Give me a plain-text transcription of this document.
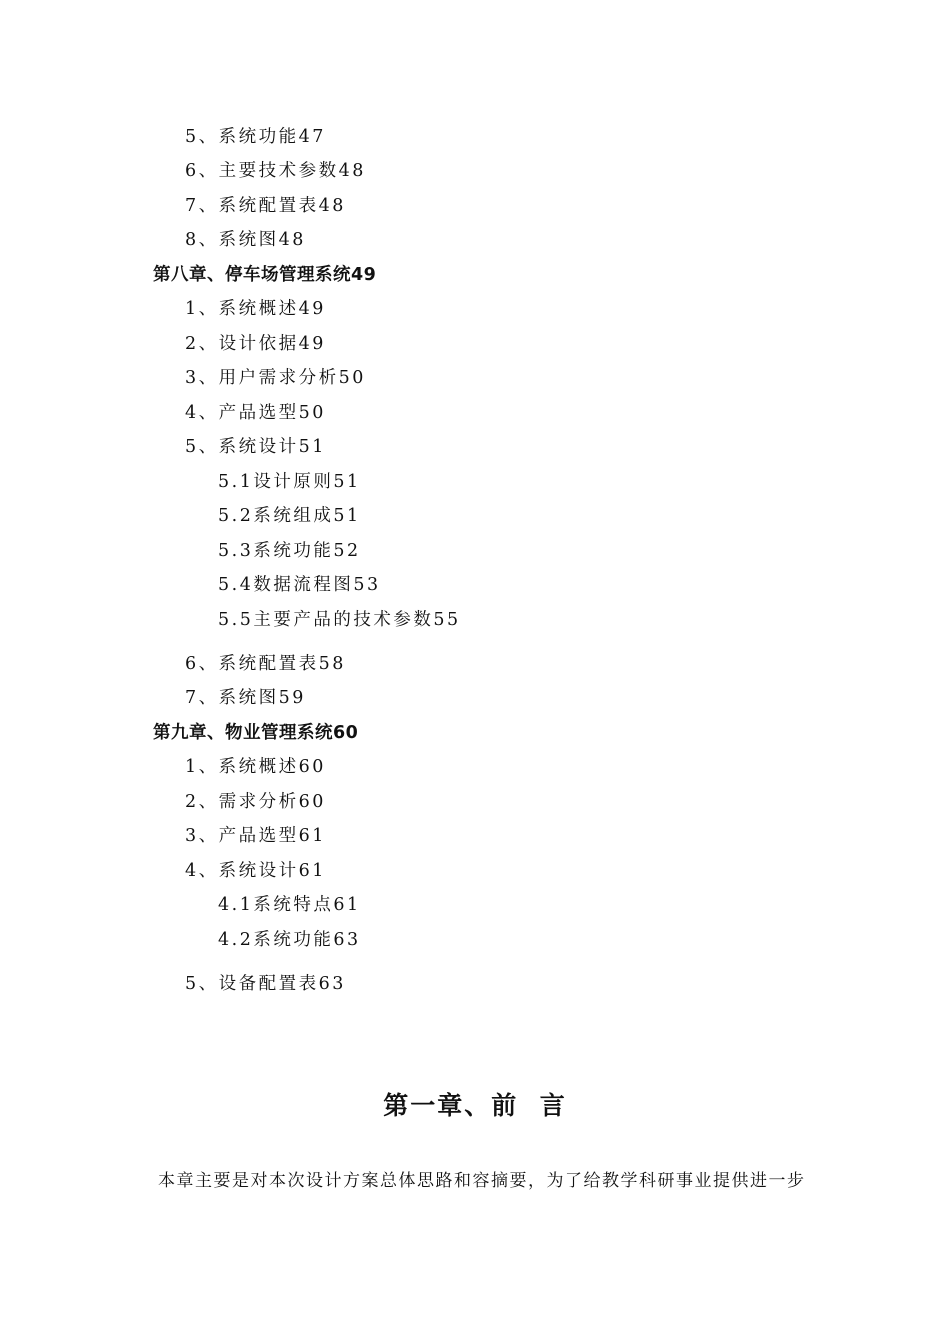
5、系统功能47
6、主要技术参数48
7、系统配置表48
8、系统图48
第八章、停车场管理系统49
1、系统概述49
2、设计依据49
3、用户需求分析50
4、产品选型50
5、系统设计51
5.1设计原则51
5.2系统组成51
5.3系统功能52
5.4数据流程图53
5.5主要产品的技术参数55
6、系统配置表58
7、系统图59
第九章、物业管理系统60
1、系统概述60
2、需求分析60
3、产品选型61
4、系统设计61
4.1系统特点61
4.2系统功能63
5、设备配置表63
第一章、前  言
本章主要是对本次设计方案总体思路和容摘要，为了给教学科研事业提供进一步
